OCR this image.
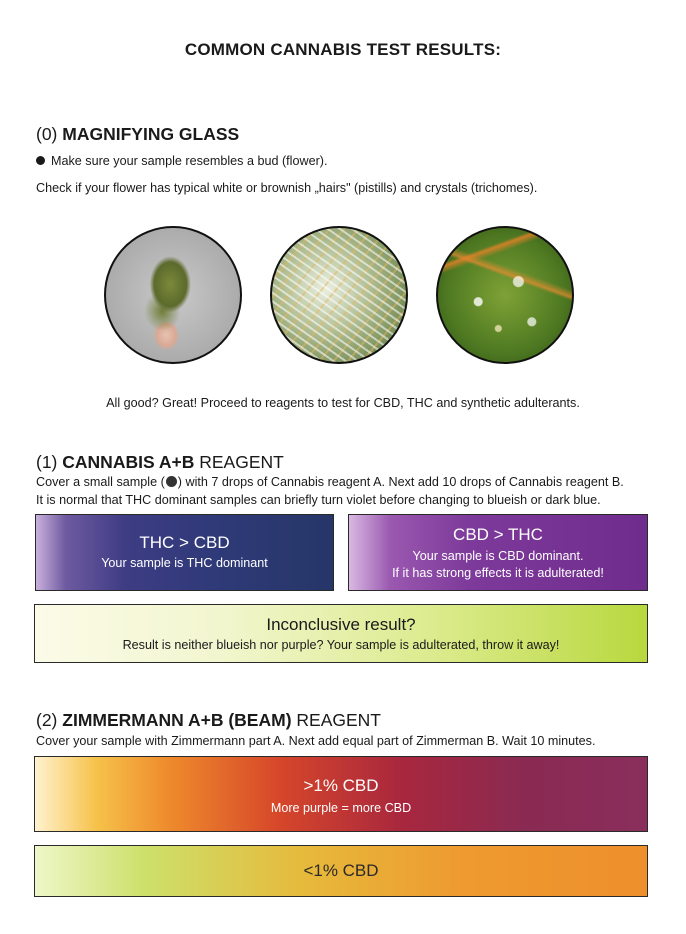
COMMON CANNABIS TEST RESULTS:
(0) MAGNIFYING GLASS
Make sure your sample resembles a bud (flower).
Check if your flower has typical white or brownish „hairs" (pistills) and crystals (trichomes).
All good? Great! Proceed to reagents to test for CBD, THC and synthetic adulterants.
(1) CANNABIS A+B REAGENT
Cover a small sample ( ) with 7 drops of Cannabis reagent A. Next add 10 drops of Cannabis reagent B.
It is normal that THC dominant samples can briefly turn violet before changing to blueish or dark blue.
THC > CBD
Your sample is THC dominant
CBD > THC
Your sample is CBD dominant.
If it has strong effects it is adulterated!
Inconclusive result?
Result is neither blueish nor purple? Your sample is adulterated, throw it away!
(2) ZIMMERMANN A+B (BEAM) REAGENT
Cover your sample with Zimmermann part A. Next add equal part of Zimmerman B. Wait 10 minutes.
>1% CBD
More purple = more CBD
<1% CBD
